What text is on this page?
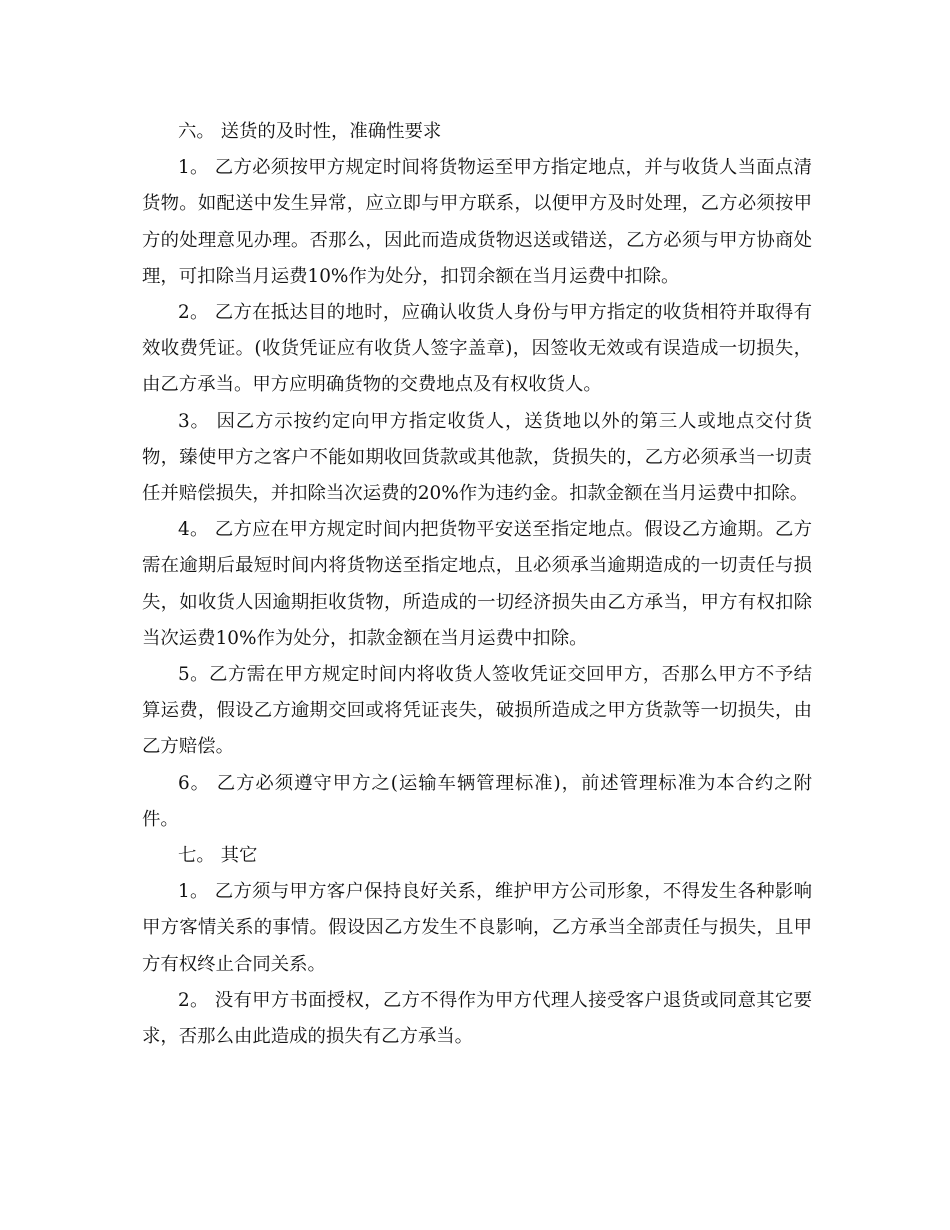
六。 送货的及时性，准确性要求

1。 乙方必须按甲方规定时间将货物运至甲方指定地点，并与收货人当面点清货物。如配送中发生异常，应立即与甲方联系，以便甲方及时处理，乙方必须按甲方的处理意见办理。否那么，因此而造成货物迟送或错送，乙方必须与甲方协商处理，可扣除当月运费10%作为处分，扣罚余额在当月运费中扣除。

2。 乙方在抵达目的地时，应确认收货人身份与甲方指定的收货相符并取得有效收费凭证。(收货凭证应有收货人签字盖章)，因签收无效或有误造成一切损失，由乙方承当。甲方应明确货物的交费地点及有权收货人。

3。 因乙方示按约定向甲方指定收货人，送货地以外的第三人或地点交付货物，臻使甲方之客户不能如期收回货款或其他款，货损失的，乙方必须承当一切责任并赔偿损失，并扣除当次运费的20%作为违约金。扣款金额在当月运费中扣除。

4。 乙方应在甲方规定时间内把货物平安送至指定地点。假设乙方逾期。乙方需在逾期后最短时间内将货物送至指定地点，且必须承当逾期造成的一切责任与损失，如收货人因逾期拒收货物，所造成的一切经济损失由乙方承当，甲方有权扣除当次运费10%作为处分，扣款金额在当月运费中扣除。

5。乙方需在甲方规定时间内将收货人签收凭证交回甲方，否那么甲方不予结算运费，假设乙方逾期交回或将凭证丧失，破损所造成之甲方货款等一切损失，由乙方赔偿。

6。 乙方必须遵守甲方之(运输车辆管理标准)，前述管理标准为本合约之附件。

七。 其它

1。 乙方须与甲方客户保持良好关系，维护甲方公司形象，不得发生各种影响甲方客情关系的事情。假设因乙方发生不良影响，乙方承当全部责任与损失，且甲方有权终止合同关系。

2。 没有甲方书面授权，乙方不得作为甲方代理人接受客户退货或同意其它要求，否那么由此造成的损失有乙方承当。
